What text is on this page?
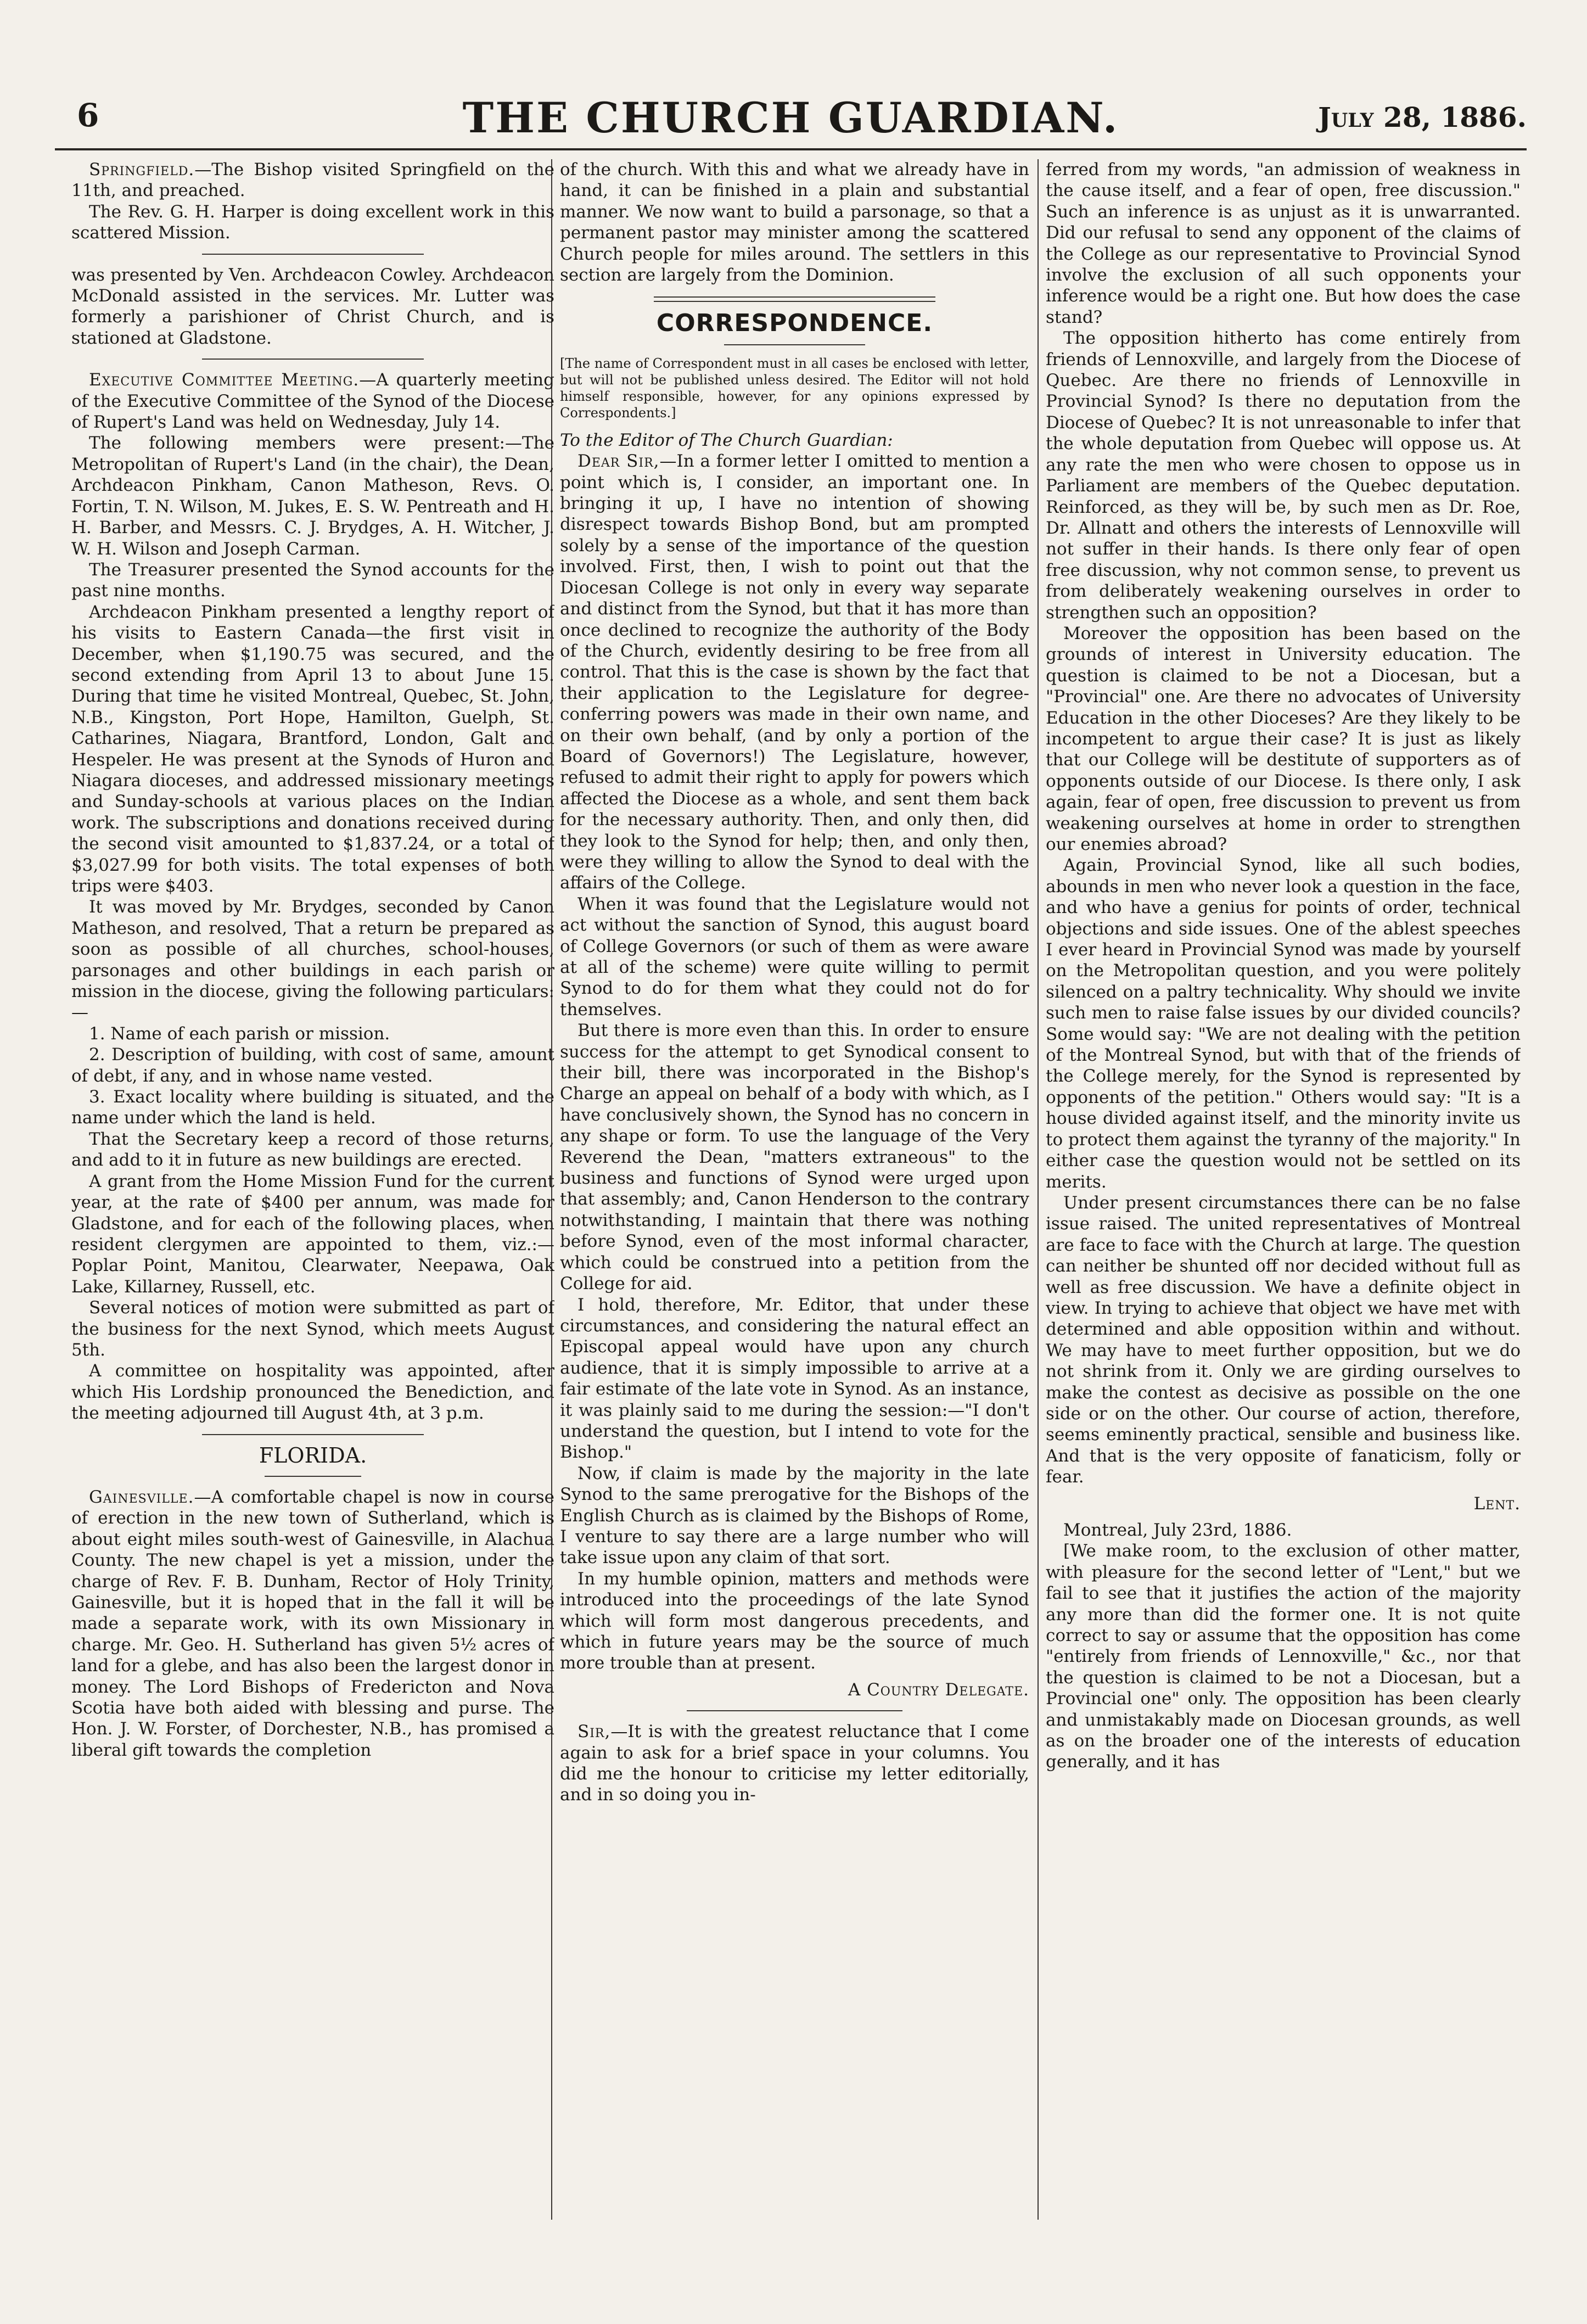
6	THE CHURCH GUARDIAN.	July 28, 1886.

Springfield.—The Bishop visited Springfield on the 11th, and preached.

The Rev. G. H. Harper is doing excellent work in this scattered Mission.

was presented by Ven. Archdeacon Cowley. Archdeacon McDonald assisted in the services. Mr. Lutter was formerly a parishioner of Christ Church, and is stationed at Gladstone.

Executive Committee Meeting.—A quarterly meeting of the Executive Committee of the Synod of the Diocese of Rupert's Land was held on Wednesday, July 14.

The following members were present:—The Metropolitan of Rupert's Land (in the chair), the Dean, Archdeacon Pinkham, Canon Matheson, Revs. O. Fortin, T. N. Wilson, M. Jukes, E. S. W. Pentreath and H. H. Barber, and Messrs. C. J. Brydges, A. H. Witcher, J. W. H. Wilson and Joseph Carman.

The Treasurer presented the Synod accounts for the past nine months.

Archdeacon Pinkham presented a lengthy report of his visits to Eastern Canada—the first visit in December, when $1,190.75 was secured, and the second extending from April 13 to about June 15. During that time he visited Montreal, Quebec, St. John, N.B., Kingston, Port Hope, Hamilton, Guelph, St. Catharines, Niagara, Brantford, London, Galt and Hespeler. He was present at the Synods of Huron and Niagara dioceses, and addressed missionary meetings and Sunday-schools at various places on the Indian work. The subscriptions and donations received during the second visit amounted to $1,837.24, or a total of $3,027.99 for both visits. The total expenses of both trips were $403.

It was moved by Mr. Brydges, seconded by Canon Matheson, and resolved, That a return be prepared as soon as possible of all churches, school-houses, parsonages and other buildings in each parish or mission in the diocese, giving the following particulars:—

1. Name of each parish or mission.
2. Description of building, with cost of same, amount of debt, if any, and in whose name vested.
3. Exact locality where building is situated, and the name under which the land is held.

That the Secretary keep a record of those returns, and add to it in future as new buildings are erected.

A grant from the Home Mission Fund for the current year, at the rate of $400 per annum, was made for Gladstone, and for each of the following places, when resident clergymen are appointed to them, viz.:—Poplar Point, Manitou, Clearwater, Neepawa, Oak Lake, Killarney, Russell, etc.

Several notices of motion were submitted as part of the business for the next Synod, which meets August 5th.

A committee on hospitality was appointed, after which His Lordship pronounced the Benediction, and the meeting adjourned till August 4th, at 3 p.m.

FLORIDA.

Gainesville.—A comfortable chapel is now in course of erection in the new town of Sutherland, which is about eight miles south-west of Gainesville, in Alachua County. The new chapel is yet a mission, under the charge of Rev. F. B. Dunham, Rector of Holy Trinity, Gainesville, but it is hoped that in the fall it will be made a separate work, with its own Missionary in charge. Mr. Geo. H. Sutherland has given 5½ acres of land for a glebe, and has also been the largest donor in money. The Lord Bishops of Fredericton and Nova Scotia have both aided with blessing and purse. The Hon. J. W. Forster, of Dorchester, N.B., has promised a liberal gift towards the completion

of the church. With this and what we already have in hand, it can be finished in a plain and substantial manner. We now want to build a parsonage, so that a permanent pastor may minister among the scattered Church people for miles around. The settlers in this section are largely from the Dominion.

CORRESPONDENCE.

[The name of Correspondent must in all cases be enclosed with letter, but will not be published unless desired. The Editor will not hold himself responsible, however, for any opinions expressed by Correspondents.]

To the Editor of The Church Guardian:

Dear Sir,—In a former letter I omitted to mention a point which is, I consider, an important one. In bringing it up, I have no intention of showing disrespect towards Bishop Bond, but am prompted solely by a sense of the importance of the question involved. First, then, I wish to point out that the Diocesan College is not only in every way separate and distinct from the Synod, but that it has more than once declined to recognize the authority of the Body of the Church, evidently desiring to be free from all control. That this is the case is shown by the fact that their application to the Legislature for degree-conferring powers was made in their own name, and on their own behalf, (and by only a portion of the Board of Governors!) The Legislature, however, refused to admit their right to apply for powers which affected the Diocese as a whole, and sent them back for the necessary authority. Then, and only then, did they look to the Synod for help; then, and only then, were they willing to allow the Synod to deal with the affairs of the College.

When it was found that the Legislature would not act without the sanction of Synod, this august board of College Governors (or such of them as were aware at all of the scheme) were quite willing to permit Synod to do for them what they could not do for themselves.

But there is more even than this. In order to ensure success for the attempt to get Synodical consent to their bill, there was incorporated in the Bishop's Charge an appeal on behalf of a body with which, as I have conclusively shown, the Synod has no concern in any shape or form. To use the language of the Very Reverend the Dean, "matters extraneous" to the business and functions of Synod were urged upon that assembly; and, Canon Henderson to the contrary notwithstanding, I maintain that there was nothing before Synod, even of the most informal character, which could be construed into a petition from the College for aid.

I hold, therefore, Mr. Editor, that under these circumstances, and considering the natural effect an Episcopal appeal would have upon any church audience, that it is simply impossible to arrive at a fair estimate of the late vote in Synod. As an instance, it was plainly said to me during the session:—"I don't understand the question, but I intend to vote for the Bishop."

Now, if claim is made by the majority in the late Synod to the same prerogative for the Bishops of the English Church as is claimed by the Bishops of Rome, I venture to say there are a large number who will take issue upon any claim of that sort.

In my humble opinion, matters and methods were introduced into the proceedings of the late Synod which will form most dangerous precedents, and which in future years may be the source of much more trouble than at present.

A Country Delegate.

Sir,—It is with the greatest reluctance that I come again to ask for a brief space in your columns. You did me the honour to criticise my letter editorially, and in so doing you in-

ferred from my words, "an admission of weakness in the cause itself, and a fear of open, free discussion." Such an inference is as unjust as it is unwarranted. Did our refusal to send any opponent of the claims of the College as our representative to Provincial Synod involve the exclusion of all such opponents your inference would be a right one. But how does the case stand?

The opposition hitherto has come entirely from friends of Lennoxville, and largely from the Diocese of Quebec. Are there no friends of Lennoxville in Provincial Synod? Is there no deputation from the Diocese of Quebec? It is not unreasonable to infer that the whole deputation from Quebec will oppose us. At any rate the men who were chosen to oppose us in Parliament are members of the Quebec deputation. Reinforced, as they will be, by such men as Dr. Roe, Dr. Allnatt and others the interests of Lennoxville will not suffer in their hands. Is there only fear of open free discussion, why not common sense, to prevent us from deliberately weakening ourselves in order to strengthen such an opposition?

Moreover the opposition has been based on the grounds of interest in University education. The question is claimed to be not a Diocesan, but a "Provincial" one. Are there no advocates of University Education in the other Dioceses? Are they likely to be incompetent to argue their case? It is just as likely that our College will be destitute of supporters as of opponents outside of our Diocese. Is there only, I ask again, fear of open, free discussion to prevent us from weakening ourselves at home in order to strengthen our enemies abroad?

Again, Provincial Synod, like all such bodies, abounds in men who never look a question in the face, and who have a genius for points of order, technical objections and side issues. One of the ablest speeches I ever heard in Provincial Synod was made by yourself on the Metropolitan question, and you were politely silenced on a paltry technicality. Why should we invite such men to raise false issues by our divided councils? Some would say: "We are not dealing with the petition of the Montreal Synod, but with that of the friends of the College merely, for the Synod is represented by opponents of the petition." Others would say: "It is a house divided against itself, and the minority invite us to protect them against the tyranny of the majority." In either case the question would not be settled on its merits.

Under present circumstances there can be no false issue raised. The united representatives of Montreal are face to face with the Church at large. The question can neither be shunted off nor decided without full as well as free discussion. We have a definite object in view. In trying to achieve that object we have met with determined and able opposition within and without. We may have to meet further opposition, but we do not shrink from it. Only we are girding ourselves to make the contest as decisive as possible on the one side or on the other. Our course of action, therefore, seems eminently practical, sensible and business like. And that is the very opposite of fanaticism, folly or fear.

Lent.

Montreal, July 23rd, 1886.

[We make room, to the exclusion of other matter, with pleasure for the second letter of "Lent," but we fail to see that it justifies the action of the majority any more than did the former one. It is not quite correct to say or assume that the opposition has come "entirely from friends of Lennoxville," &c., nor that the question is claimed to be not a Diocesan, but a Provincial one" only. The opposition has been clearly and unmistakably made on Diocesan grounds, as well as on the broader one of the interests of education generally, and it has
